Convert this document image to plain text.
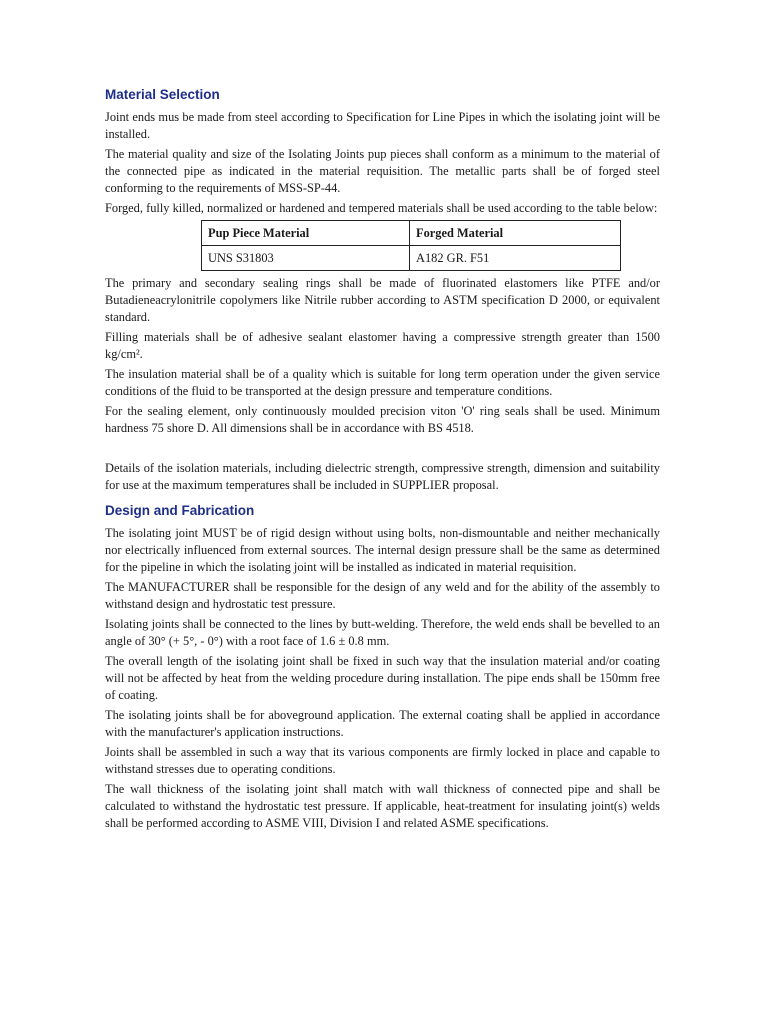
Material Selection

Joint ends mus be made from steel according to Specification for Line Pipes in which the isolating joint will be installed.

The material quality and size of the Isolating Joints pup pieces shall conform as a minimum to the material of the connected pipe as indicated in the material requisition. The metallic parts shall be of forged steel conforming to the requirements of MSS-SP-44.

Forged, fully killed, normalized or hardened and tempered materials shall be used according to the table below:

Pup Piece Material	Forged Material
UNS S31803	A182 GR. F51

The primary and secondary sealing rings shall be made of fluorinated elastomers like PTFE and/or Butadieneacrylonitrile copolymers like Nitrile rubber according to ASTM specification D 2000, or equivalent standard.

Filling materials shall be of adhesive sealant elastomer having a compressive strength greater than 1500 kg/cm².

The insulation material shall be of a quality which is suitable for long term operation under the given service conditions of the fluid to be transported at the design pressure and temperature conditions.

For the sealing element, only continuously moulded precision viton 'O' ring seals shall be used. Minimum hardness 75 shore D. All dimensions shall be in accordance with BS 4518.

Details of the isolation materials, including dielectric strength, compressive strength, dimension and suitability for use at the maximum temperatures shall be included in SUPPLIER proposal.

Design and Fabrication

The isolating joint MUST be of rigid design without using bolts, non-dismountable and neither mechanically nor electrically influenced from external sources. The internal design pressure shall be the same as determined for the pipeline in which the isolating joint will be installed as indicated in material requisition.

The MANUFACTURER shall be responsible for the design of any weld and for the ability of the assembly to withstand design and hydrostatic test pressure.

Isolating joints shall be connected to the lines by butt-welding. Therefore, the weld ends shall be bevelled to an angle of 30° (+ 5°, - 0°) with a root face of 1.6 ± 0.8 mm.

The overall length of the isolating joint shall be fixed in such way that the insulation material and/or coating will not be affected by heat from the welding procedure during installation. The pipe ends shall be 150mm free of coating.

The isolating joints shall be for aboveground application. The external coating shall be applied in accordance with the manufacturer's application instructions.

Joints shall be assembled in such a way that its various components are firmly locked in place and capable to withstand stresses due to operating conditions.

The wall thickness of the isolating joint shall match with wall thickness of connected pipe and shall be calculated to withstand the hydrostatic test pressure. If applicable, heat-treatment for insulating joint(s) welds shall be performed according to ASME VIII, Division I and related ASME specifications.
